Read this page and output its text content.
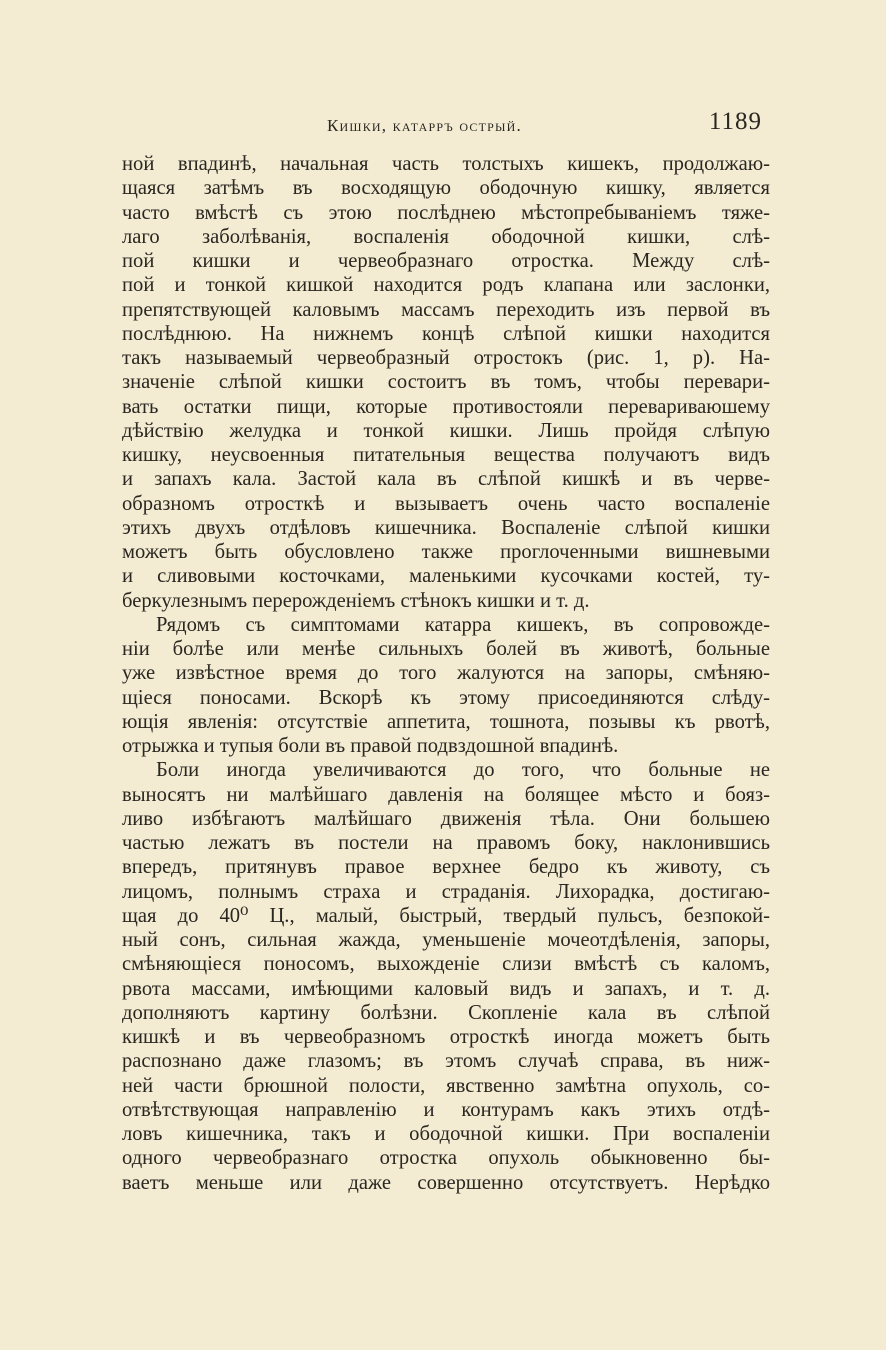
Кишки, катарръ острый.	1189
ной впадинѣ, начальная часть толстыхъ кишекъ, продолжаю-
щаяся затѣмъ въ восходящую ободочную кишку, является
часто вмѣстѣ съ этою послѣднею мѣстопребываніемъ тяже-
лаго заболѣванія, воспаленія ободочной кишки, слѣ-
пой кишки и червеобразнаго отростка. Между слѣ-
пой и тонкой кишкой находится родъ клапана или заслонки,
препятствующей каловымъ массамъ переходить изъ первой въ
послѣднюю. На нижнемъ концѣ слѣпой кишки находится
такъ называемый червеобразный отростокъ (рис. 1, p). На-
значеніе слѣпой кишки состоитъ въ томъ, чтобы перевари-
вать остатки пищи, которые противостояли перевариваюшему
дѣйствію желудка и тонкой кишки. Лишь пройдя слѣпую
кишку, неусвоенныя питательныя вещества получаютъ видъ
и запахъ кала. Застой кала въ слѣпой кишкѣ и въ черве-
образномъ отросткѣ и вызываетъ очень часто воспаленіе
этихъ двухъ отдѣловъ кишечника. Воспаленіе слѣпой кишки
можетъ быть обусловлено также проглоченными вишневыми
и сливовыми косточками, маленькими кусочками костей, ту-
беркулезнымъ перерожденіемъ стѣнокъ кишки и т. д.
Рядомъ съ симптомами катарра кишекъ, въ сопровожде-
ніи болѣе или менѣе сильныхъ болей въ животѣ, больные
уже извѣстное время до того жалуются на запоры, смѣняю-
щіеся поносами. Вскорѣ къ этому присоединяются слѣду-
ющія явленія: отсутствіе аппетита, тошнота, позывы къ рвотѣ,
отрыжка и тупыя боли въ правой подвздошной впадинѣ.
Боли иногда увеличиваются до того, что больные не
выносятъ ни малѣйшаго давленія на болящее мѣсто и бояз-
ливо избѣгаютъ малѣйшаго движенія тѣла. Они большею
частью лежатъ въ постели на правомъ боку, наклонившись
впередъ, притянувъ правое верхнее бедро къ животу, съ
лицомъ, полнымъ страха и страданія. Лихорадка, достигаю-
щая до 40⁰ Ц., малый, быстрый, твердый пульсъ, безпокой-
ный сонъ, сильная жажда, уменьшеніе мочеотдѣленія, запоры,
смѣняющіеся поносомъ, выхожденіе слизи вмѣстѣ съ каломъ,
рвота массами, имѣющими каловый видъ и запахъ, и т. д.
дополняютъ картину болѣзни. Скопленіе кала въ слѣпой
кишкѣ и въ червеобразномъ отросткѣ иногда можетъ быть
распознано даже глазомъ; въ этомъ случаѣ справа, въ ниж-
ней части брюшной полости, явственно замѣтна опухоль, со-
отвѣтствующая направленію и контурамъ какъ этихъ отдѣ-
ловъ кишечника, такъ и ободочной кишки. При воспаленіи
одного червеобразнаго отростка опухоль обыкновенно бы-
ваетъ меньше или даже совершенно отсутствуетъ. Нерѣдко
